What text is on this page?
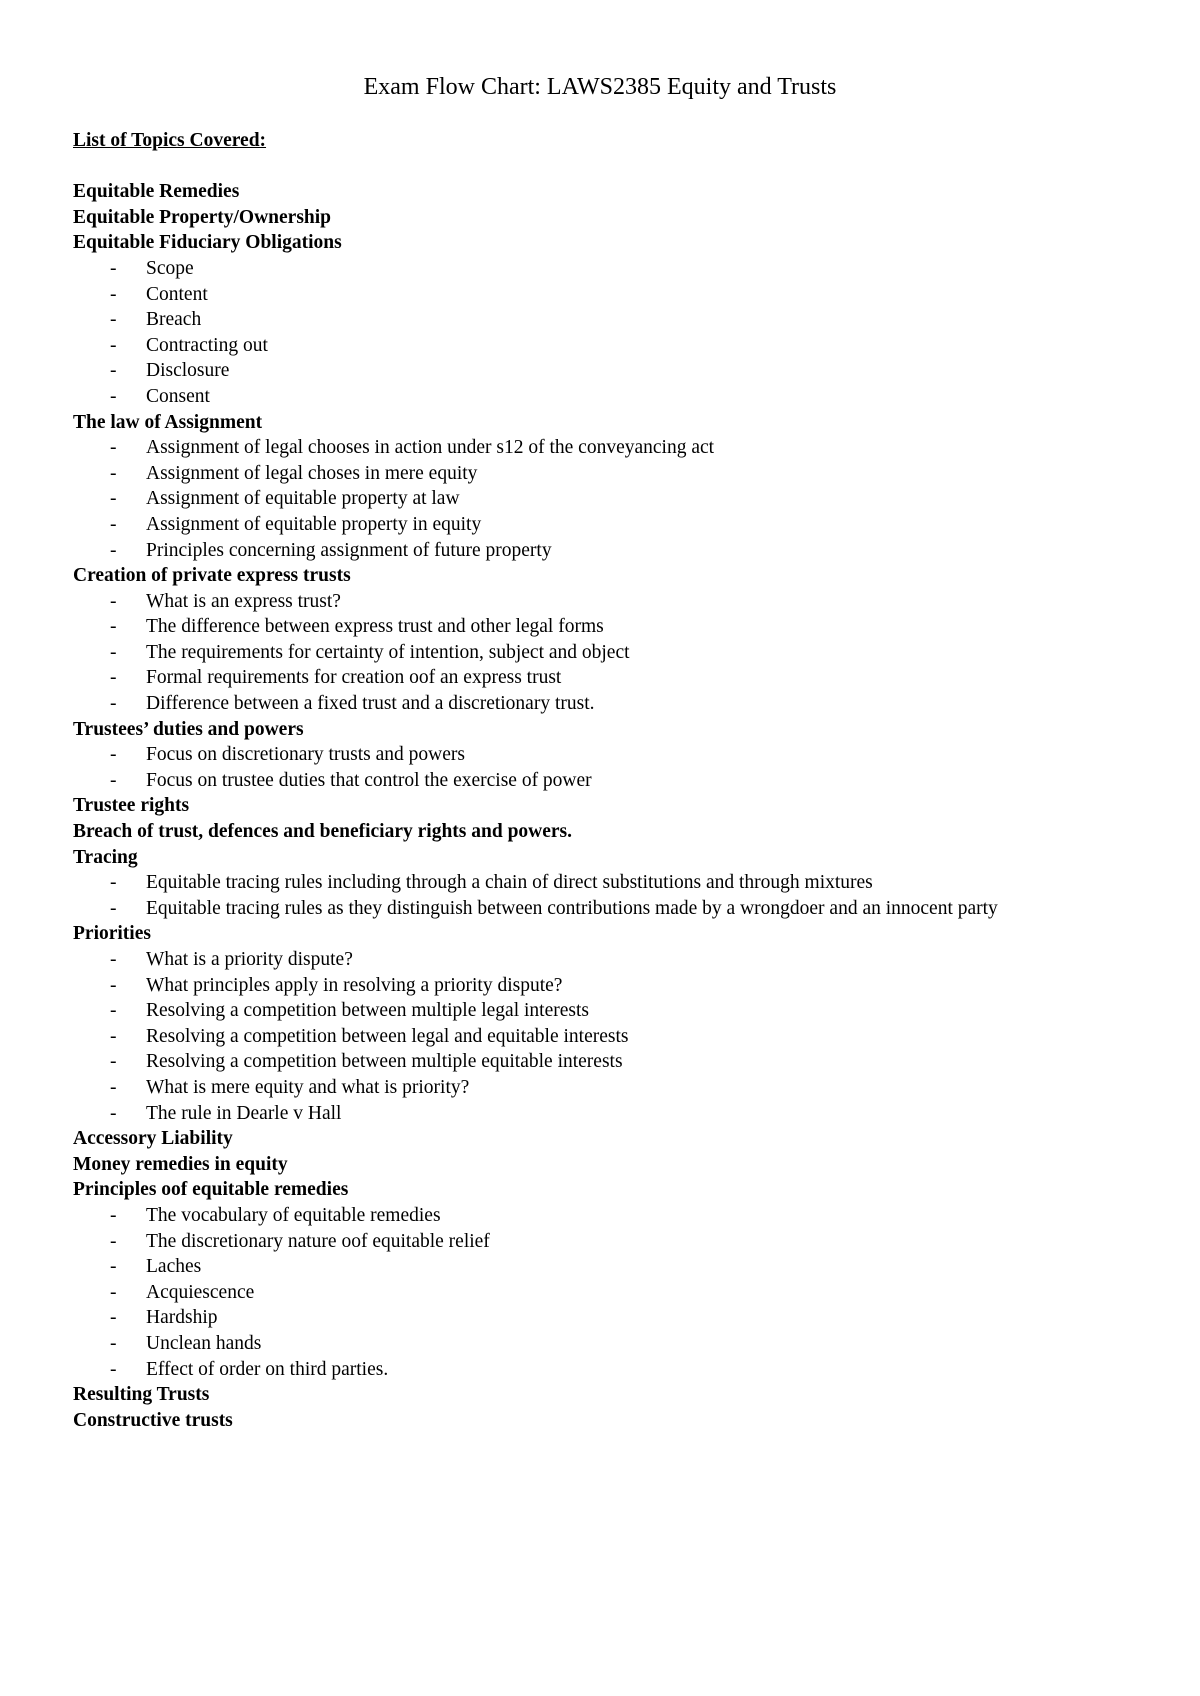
Exam Flow Chart: LAWS2385 Equity and Trusts
List of Topics Covered:
Equitable Remedies
Equitable Property/Ownership
Equitable Fiduciary Obligations
- Scope
- Content
- Breach
- Contracting out
- Disclosure
- Consent
The law of Assignment
- Assignment of legal chooses in action under s12 of the conveyancing act
- Assignment of legal choses in mere equity
- Assignment of equitable property at law
- Assignment of equitable property in equity
- Principles concerning assignment of future property
Creation of private express trusts
- What is an express trust?
- The difference between express trust and other legal forms
- The requirements for certainty of intention, subject and object
- Formal requirements for creation oof an express trust
- Difference between a fixed trust and a discretionary trust.
Trustees’ duties and powers
- Focus on discretionary trusts and powers
- Focus on trustee duties that control the exercise of power
Trustee rights
Breach of trust, defences and beneficiary rights and powers.
Tracing
- Equitable tracing rules including through a chain of direct substitutions and through mixtures
- Equitable tracing rules as they distinguish between contributions made by a wrongdoer and an innocent party
Priorities
- What is a priority dispute?
- What principles apply in resolving a priority dispute?
- Resolving a competition between multiple legal interests
- Resolving a competition between legal and equitable interests
- Resolving a competition between multiple equitable interests
- What is mere equity and what is priority?
- The rule in Dearle v Hall
Accessory Liability
Money remedies in equity
Principles oof equitable remedies
- The vocabulary of equitable remedies
- The discretionary nature oof equitable relief
- Laches
- Acquiescence
- Hardship
- Unclean hands
- Effect of order on third parties.
Resulting Trusts
Constructive trusts
